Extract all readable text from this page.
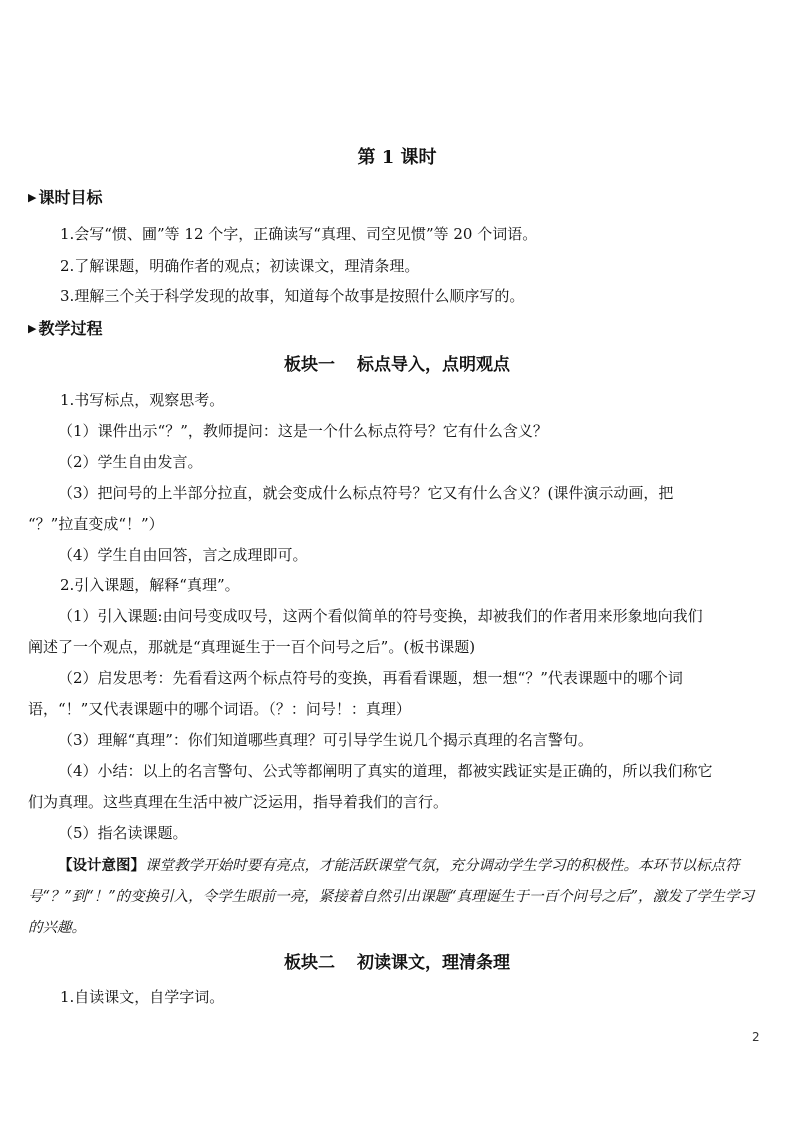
第 1 课时
▶ 课时目标
1.会写“惯、圃”等 12 个字，正确读写“真理、司空见惯”等 20 个词语。
2.了解课题，明确作者的观点；初读课文，理清条理。
3.理解三个关于科学发现的故事，知道每个故事是按照什么顺序写的。
▶ 教学过程
板块一 标点导入，点明观点
1.书写标点，观察思考。
（1）课件出示“？”，教师提问：这是一个什么标点符号？它有什么含义？
（2）学生自由发言。
（3）把问号的上半部分拉直，就会变成什么标点符号？它又有什么含义？(课件演示动画，把
“？”拉直变成“！”）
（4）学生自由回答，言之成理即可。
2.引入课题，解释“真理”。
（1）引入课题:由问号变成叹号，这两个看似简单的符号变换，却被我们的作者用来形象地向我们
阐述了一个观点，那就是“真理诞生于一百个问号之后”。(板书课题)
（2）启发思考：先看看这两个标点符号的变换，再看看课题，想一想“？”代表课题中的哪个词
语，“！”又代表课题中的哪个词语。（？：问号！：真理）
（3）理解“真理”：你们知道哪些真理？可引导学生说几个揭示真理的名言警句。
（4）小结：以上的名言警句、公式等都阐明了真实的道理，都被实践证实是正确的，所以我们称它
们为真理。这些真理在生活中被广泛运用，指导着我们的言行。
（5）指名读课题。
【设计意图】课堂教学开始时要有亮点，才能活跃课堂气氛，充分调动学生学习的积极性。本环节以标点符号“？”到“！”的变换引入，令学生眼前一亮，紧接着自然引出课题“真理诞生于一百个问号之后”，激发了学生学习的兴趣。
板块二 初读课文，理清条理
1.自读课文，自学字词。
2
